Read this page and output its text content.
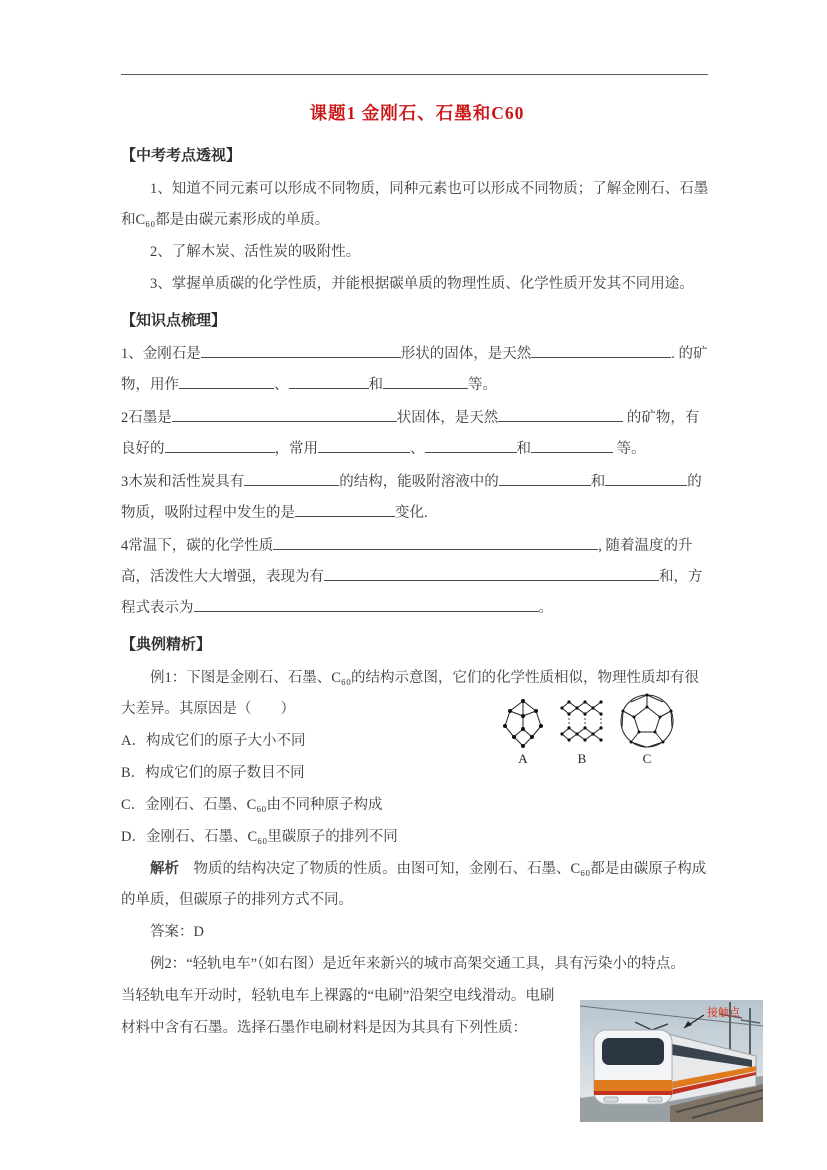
课题1 金刚石、石墨和C60
【中考考点透视】

1、知道不同元素可以形成不同物质，同种元素也可以形成不同物质；了解金刚石、石墨和C₆₀都是由碳元素形成的单质。

2、了解木炭、活性炭的吸附性。

3、掌握单质碳的化学性质，并能根据碳单质的物理性质、化学性质开发其不同用途。

【知识点梳理】

1、金刚石是	形状的固体，是天然	. 的矿物，用作	、	和	等。

2石墨是	状固体，是天然	的矿物，有良好的	，常用	、	和	等。

3木炭和活性炭具有	的结构，能吸附溶液中的	和	的物质，吸附过程中发生的是	变化.

4常温下，碳的化学性质	, 随着温度的升高，活泼性大大增强，表现为有	和，方程式表示为	。

【典例精析】

例1：下图是金刚石、石墨、C₆₀的结构示意图，它们的化学性质相似，物理性质却有很大差异。其原因是（　　）

A．构成它们的原子大小不同

B．构成它们的原子数目不同

C．金刚石、石墨、C₆₀由不同种原子构成

D．金刚石、石墨、C₆₀里碳原子的排列不同

解析　物质的结构决定了物质的性质。由图可知，金刚石、石墨、C₆₀都是由碳原子构成的单质，但碳原子的排列方式不同。

答案：D

例2：“轻轨电车”（如右图）是近年来新兴的城市高架交通工具，具有污染小的特点。

当轻轨电车开动时，轻轨电车上裸露的“电刷”沿架空电线滑动。电刷

材料中含有石墨。选择石墨作电刷材料是因为其具有下列性质：

A	B	C
接触点
